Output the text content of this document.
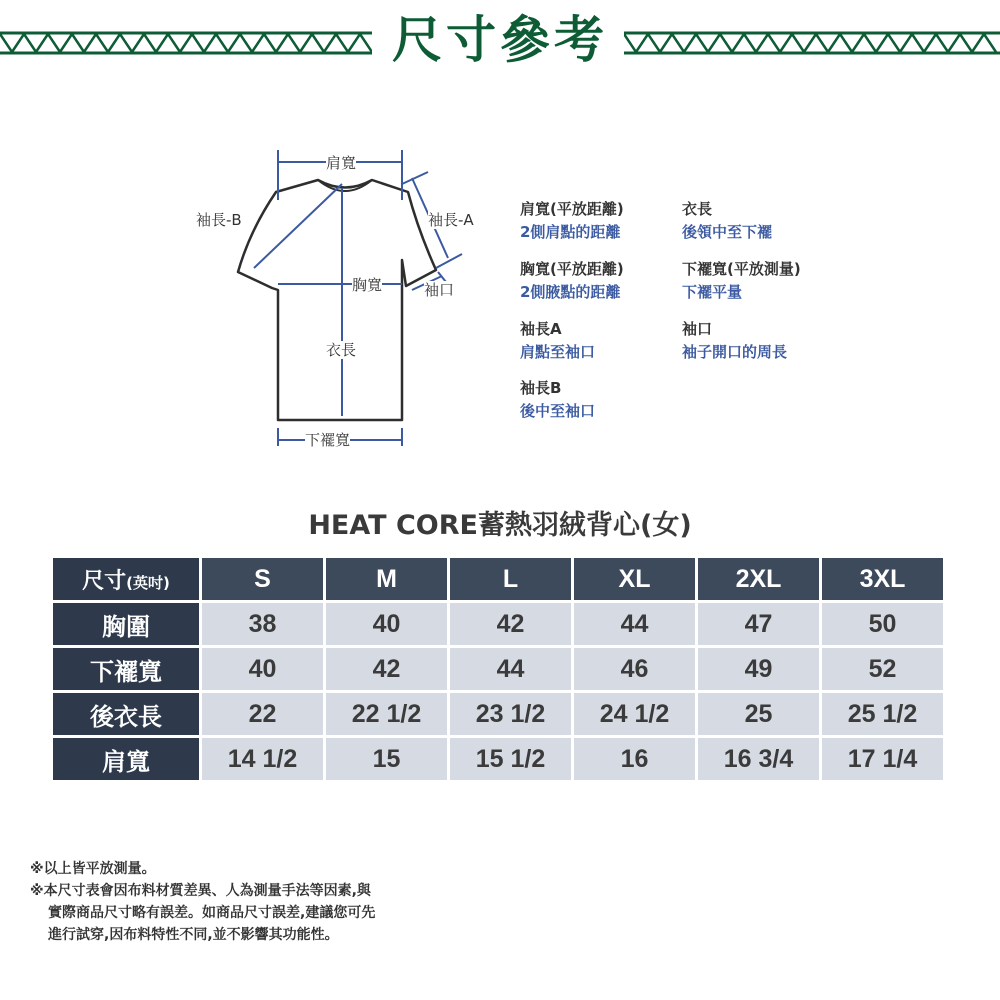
尺寸參考
肩寬
袖長-B	袖長-A
胸寬	袖口
衣長
下襬寬
肩寬(平放距離)
2側肩點的距離
衣長
後領中至下襬
胸寬(平放距離)
2側腋點的距離
下襬寬(平放測量)
下襬平量
袖長A
肩點至袖口
袖口
袖子開口的周長
袖長B
後中至袖口
HEAT CORE蓄熱羽絨背心(女)
尺寸(英吋)	S	M	L	XL	2XL	3XL
胸圍	38	40	42	44	47	50
下襬寬	40	42	44	46	49	52
後衣長	22	22 1/2	23 1/2	24 1/2	25	25 1/2
肩寬	14 1/2	15	15 1/2	16	16 3/4	17 1/4
※以上皆平放測量。
※本尺寸表會因布料材質差異、人為測量手法等因素,與
實際商品尺寸略有誤差。如商品尺寸誤差,建議您可先
進行試穿,因布料特性不同,並不影響其功能性。
